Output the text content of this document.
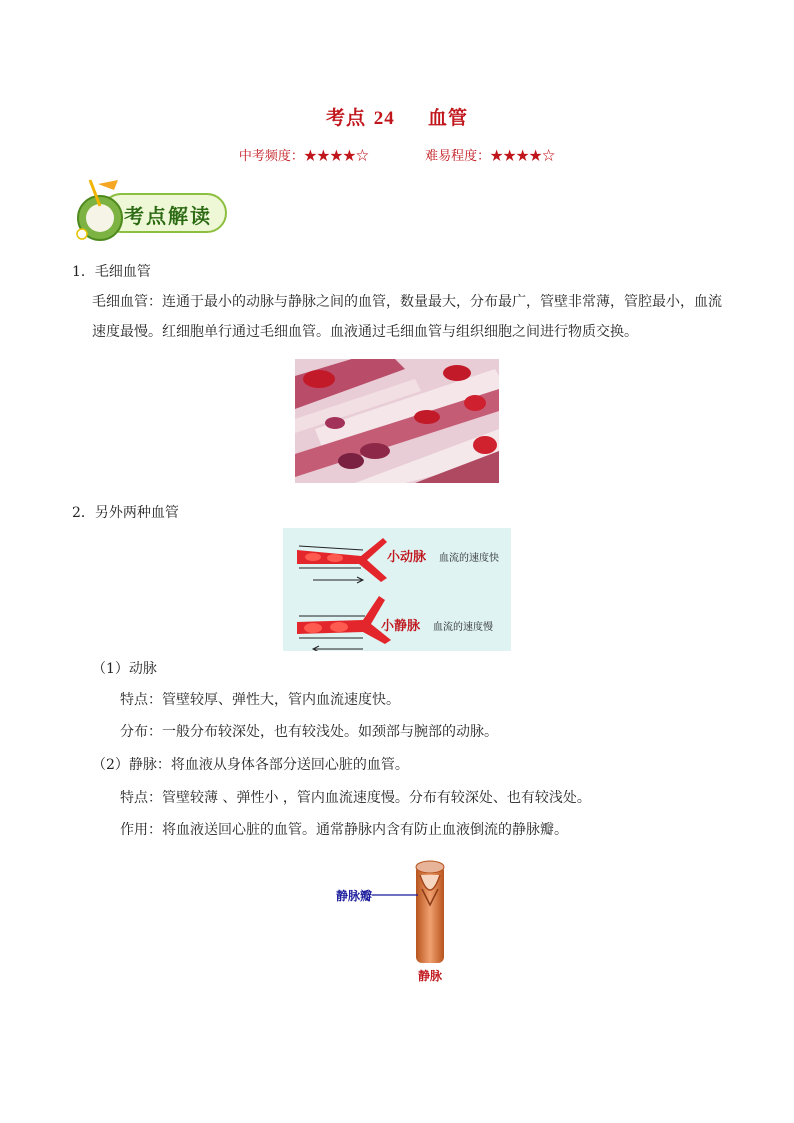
考点 24 血管
中考频度：★★★★☆	难易程度：★★★★☆
考点解读
1．毛细血管
毛细血管：连通于最小的动脉与静脉之间的血管，数量最大，分布最广，管壁非常薄，管腔最小，血流
速度最慢。红细胞单行通过毛细血管。血液通过毛细血管与组织细胞之间进行物质交换。
2．另外两种血管
小动脉 血流的速度快
小静脉 血流的速度慢
（1）动脉
特点：管壁较厚、弹性大，管内血流速度快。
分布：一般分布较深处，也有较浅处。如颈部与腕部的动脉。
（2）静脉：将血液从身体各部分送回心脏的血管。
特点：管壁较薄 、弹性小 ，管内血流速度慢。分布有较深处、也有较浅处。
作用：将血液送回心脏的血管。通常静脉内含有防止血液倒流的静脉瓣。
静脉瓣
静脉
